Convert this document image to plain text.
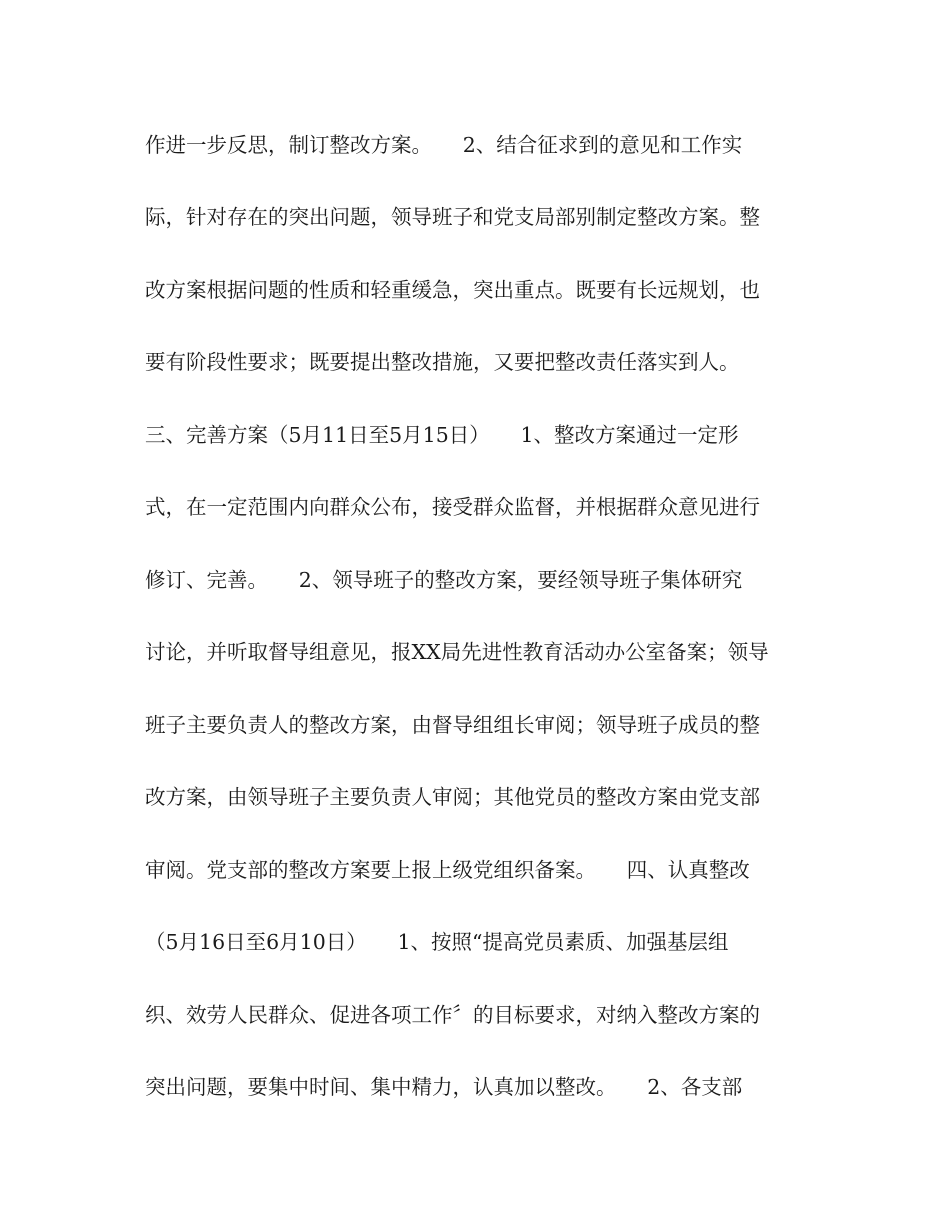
作进一步反思，制订整改方案。　　2、结合征求到的意见和工作实

际，针对存在的突出问题，领导班子和党支局部别制定整改方案。整

改方案根据问题的性质和轻重缓急，突出重点。既要有长远规划，也

要有阶段性要求；既要提出整改措施，又要把整改责任落实到人。

三、完善方案（5月11日至5月15日）　　1、整改方案通过一定形

式，在一定范围内向群众公布，接受群众监督，并根据群众意见进行

修订、完善。　　2、领导班子的整改方案，要经领导班子集体研究

讨论，并听取督导组意见，报XX局先进性教育活动办公室备案；领导

班子主要负责人的整改方案，由督导组组长审阅；领导班子成员的整

改方案，由领导班子主要负责人审阅；其他党员的整改方案由党支部

审阅。党支部的整改方案要上报上级党组织备案。　　四、认真整改

（5月16日至6月10日）　　1、按照“提高党员素质、加强基层组

织、效劳人民群众、促进各项工作〞的目标要求，对纳入整改方案的

突出问题，要集中时间、集中精力，认真加以整改。　　2、各支部
